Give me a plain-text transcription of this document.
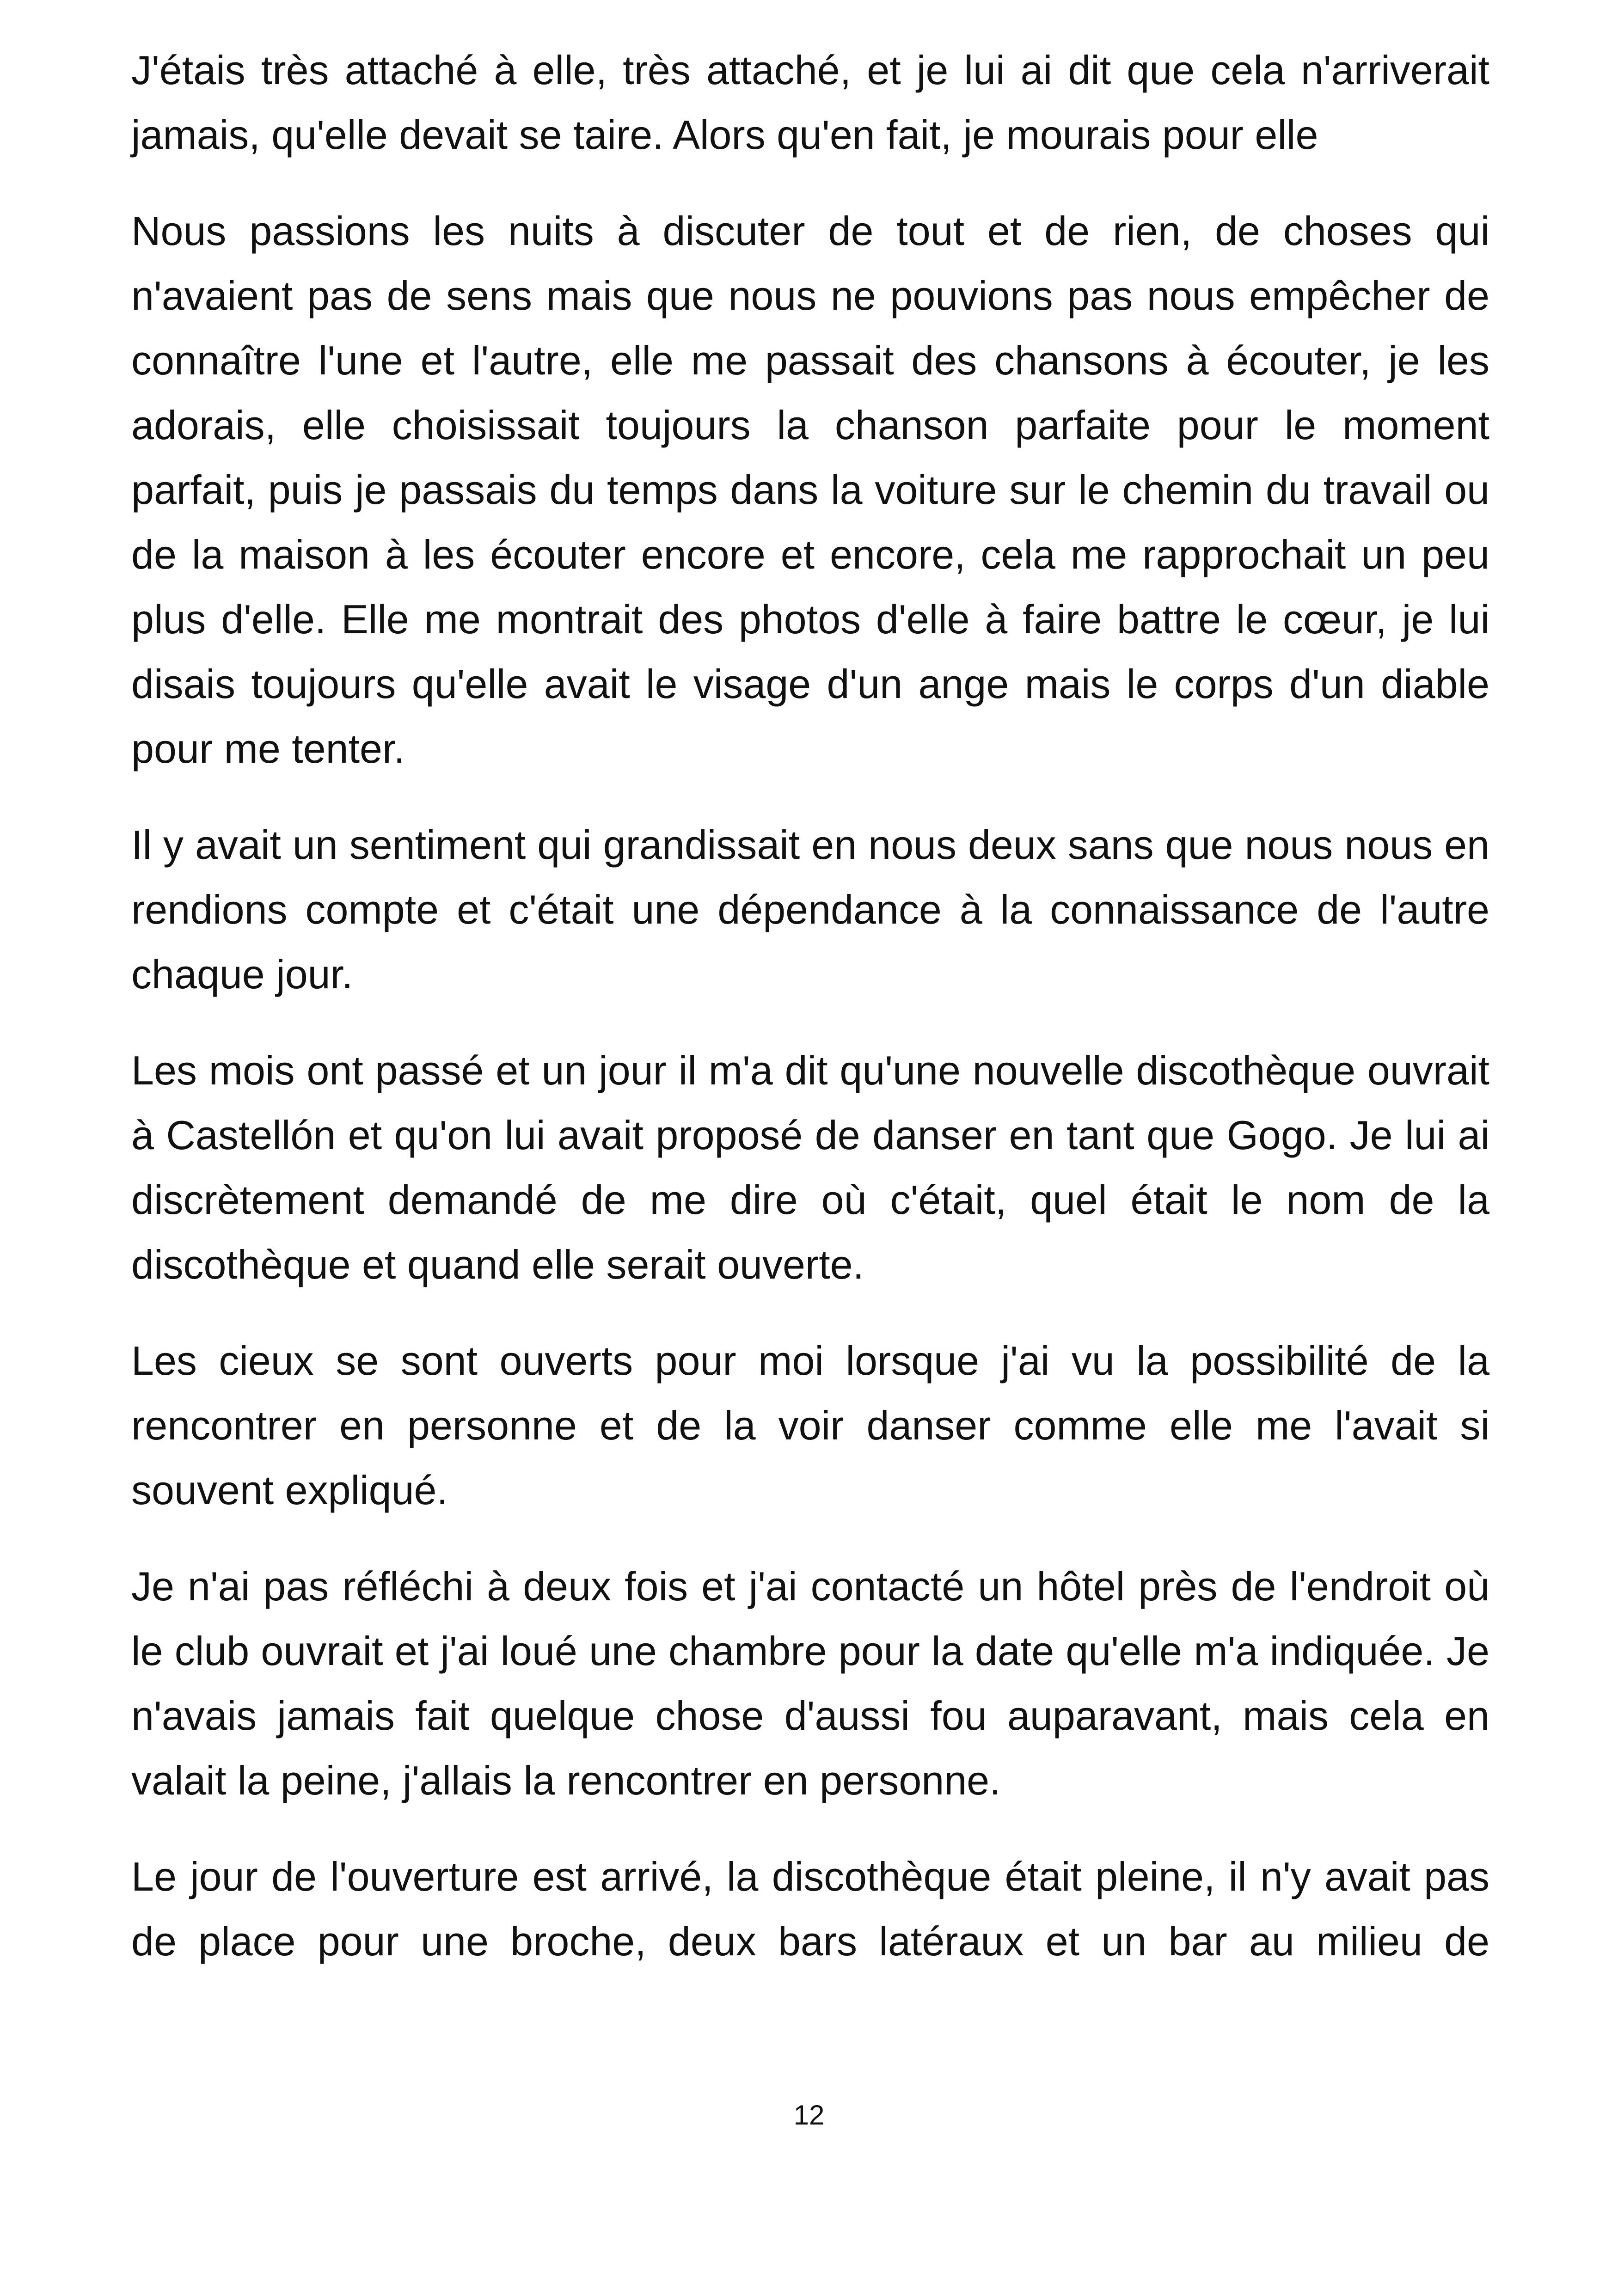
J'étais très attaché à elle, très attaché, et je lui ai dit que cela n'arriverait jamais, qu'elle devait se taire. Alors qu'en fait, je mourais pour elle

Nous passions les nuits à discuter de tout et de rien, de choses qui n'avaient pas de sens mais que nous ne pouvions pas nous empêcher de connaître l'une et l'autre, elle me passait des chansons à écouter, je les adorais, elle choisissait toujours la chanson parfaite pour le moment parfait, puis je passais du temps dans la voiture sur le chemin du travail ou de la maison à les écouter encore et encore, cela me rapprochait un peu plus d'elle. Elle me montrait des photos d'elle à faire battre le cœur, je lui disais toujours qu'elle avait le visage d'un ange mais le corps d'un diable pour me tenter.

Il y avait un sentiment qui grandissait en nous deux sans que nous nous en rendions compte et c'était une dépendance à la connaissance de l'autre chaque jour.

Les mois ont passé et un jour il m'a dit qu'une nouvelle discothèque ouvrait à Castellón et qu'on lui avait proposé de danser en tant que Gogo. Je lui ai discrètement demandé de me dire où c'était, quel était le nom de la discothèque et quand elle serait ouverte.

Les cieux se sont ouverts pour moi lorsque j'ai vu la possibilité de la rencontrer en personne et de la voir danser comme elle me l'avait si souvent expliqué.

Je n'ai pas réfléchi à deux fois et j'ai contacté un hôtel près de l'endroit où le club ouvrait et j'ai loué une chambre pour la date qu'elle m'a indiquée. Je n'avais jamais fait quelque chose d'aussi fou auparavant, mais cela en valait la peine, j'allais la rencontrer en personne.

Le jour de l'ouverture est arrivé, la discothèque était pleine, il n'y avait pas de place pour une broche, deux bars latéraux et un bar au milieu de

12
